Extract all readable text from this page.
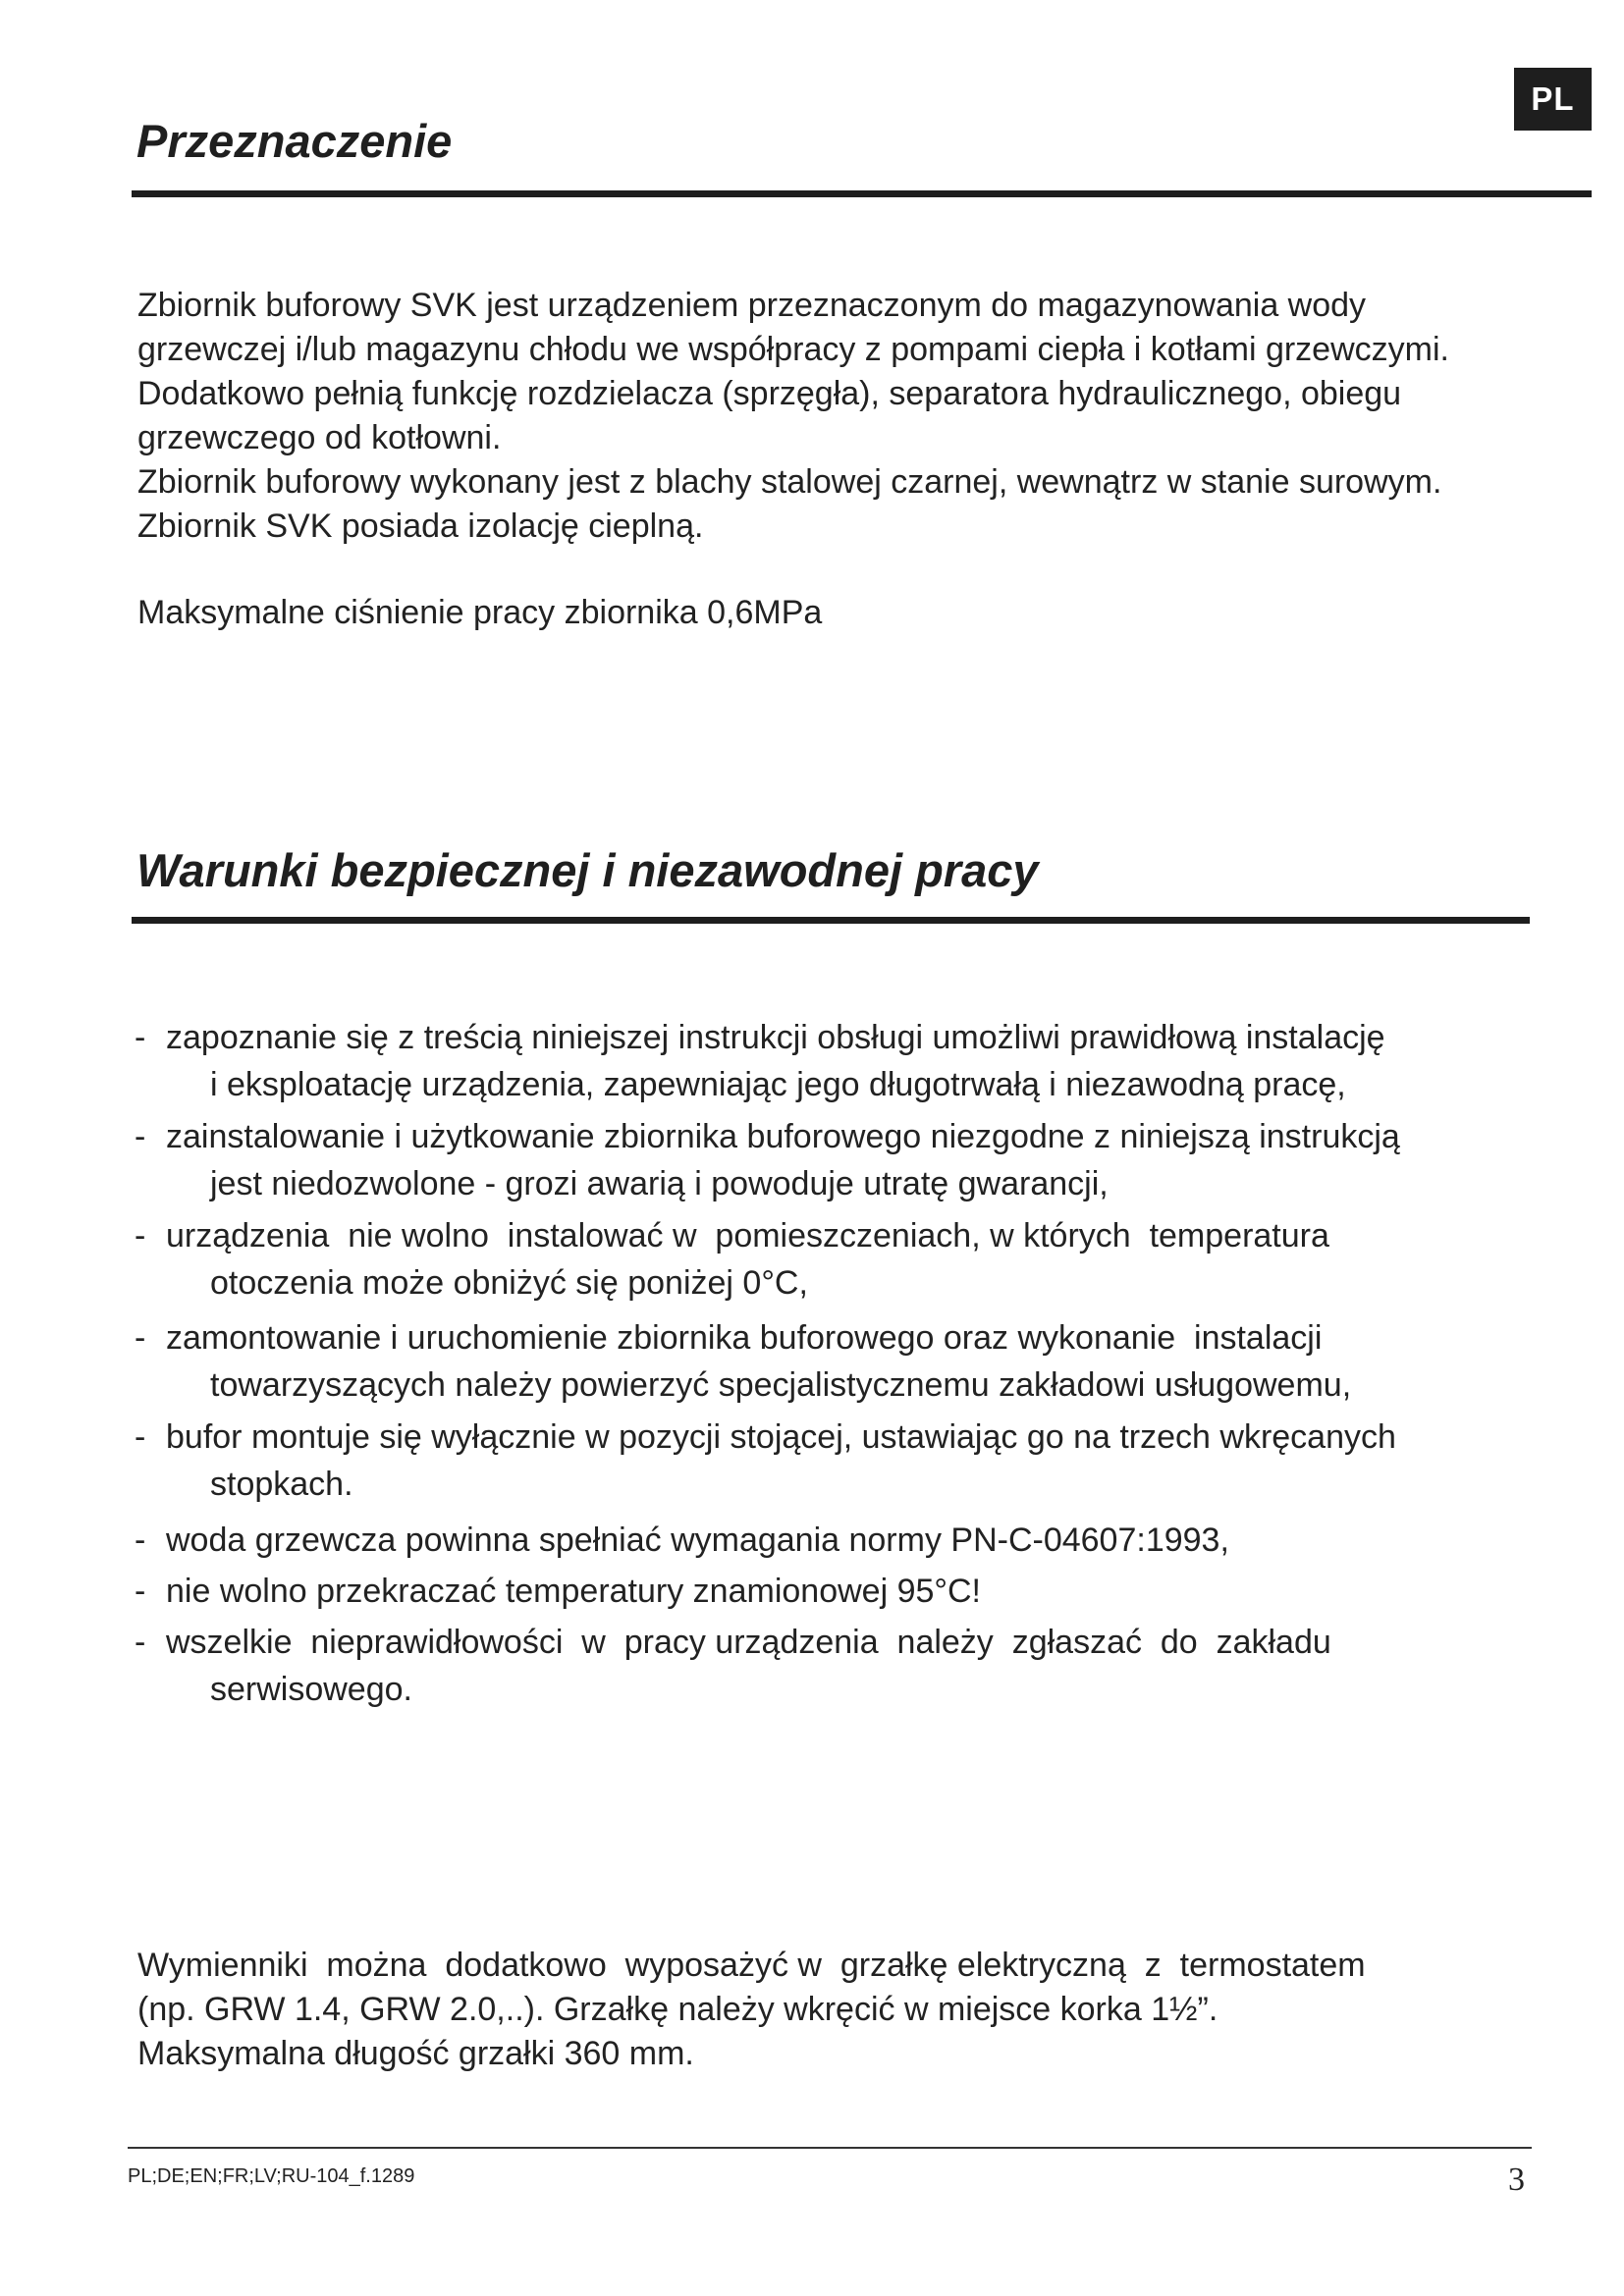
PL
Przeznaczenie
Zbiornik buforowy SVK jest urządzeniem przeznaczonym do magazynowania wody
grzewczej i/lub magazynu chłodu we współpracy z pompami ciepła i kotłami grzewczymi.
Dodatkowo pełnią funkcję rozdzielacza (sprzęgła), separatora hydraulicznego, obiegu
grzewczego od kotłowni.
Zbiornik buforowy wykonany jest z blachy stalowej czarnej, wewnątrz w stanie surowym.
Zbiornik SVK posiada izolację cieplną.
Maksymalne ciśnienie pracy zbiornika 0,6MPa
Warunki bezpiecznej i niezawodnej pracy
- zapoznanie się z treścią niniejszej instrukcji obsługi umożliwi prawidłową instalację
i eksploatację urządzenia, zapewniając jego długotrwałą i niezawodną pracę,
- zainstalowanie i użytkowanie zbiornika buforowego niezgodne z niniejszą instrukcją
jest niedozwolone - grozi awarią i powoduje utratę gwarancji,
- urządzenia  nie wolno  instalować w  pomieszczeniach, w których  temperatura
otoczenia może obniżyć się poniżej 0°C,
- zamontowanie i uruchomienie zbiornika buforowego oraz wykonanie  instalacji
towarzyszących należy powierzyć specjalistycznemu zakładowi usługowemu,
- bufor montuje się wyłącznie w pozycji stojącej, ustawiając go na trzech wkręcanych
stopkach.
- woda grzewcza powinna spełniać wymagania normy PN-C-04607:1993,
- nie wolno przekraczać temperatury znamionowej 95°C!
- wszelkie  nieprawidłowości  w  pracy urządzenia  należy  zgłaszać  do  zakładu
serwisowego.
Wymienniki  można  dodatkowo  wyposażyć w  grzałkę elektryczną  z  termostatem
(np. GRW 1.4, GRW 2.0,..). Grzałkę należy wkręcić w miejsce korka 1½”.
Maksymalna długość grzałki 360 mm.
PL;DE;EN;FR;LV;RU-104_f.1289	3
